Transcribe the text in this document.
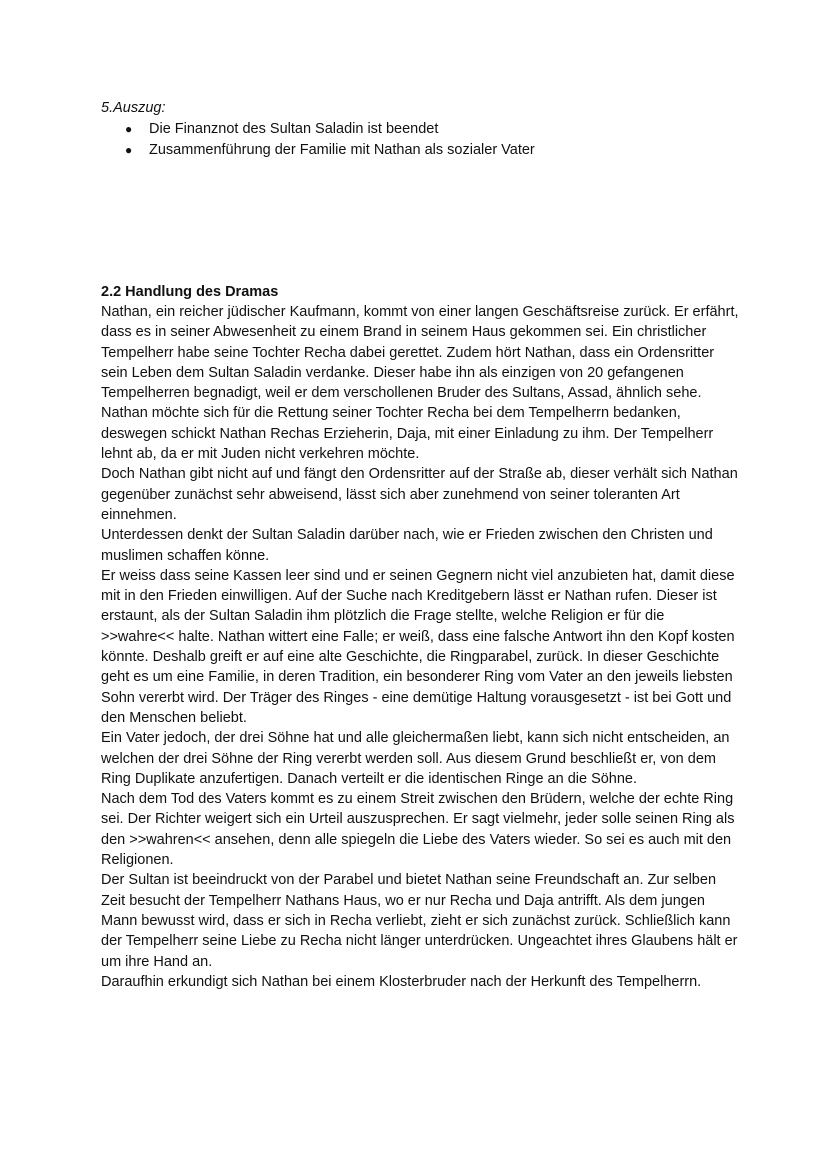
5.Auszug:

● Die Finanznot des Sultan Saladin ist beendet
● Zusammenführung der Familie mit Nathan als sozialer Vater

2.2 Handlung des Dramas

Nathan, ein reicher jüdischer Kaufmann, kommt von einer langen Geschäftsreise zurück. Er erfährt, dass es in seiner Abwesenheit zu einem Brand in seinem Haus gekommen sei. Ein christlicher Tempelherr habe seine Tochter Recha dabei gerettet. Zudem hört Nathan, dass ein Ordensritter sein Leben dem Sultan Saladin verdanke. Dieser habe ihn als einzigen von 20 gefangenen Tempelherren begnadigt, weil er dem verschollenen Bruder des Sultans, Assad, ähnlich sehe.

Nathan möchte sich für die Rettung seiner Tochter Recha bei dem Tempelherrn bedanken, deswegen schickt Nathan Rechas Erzieherin, Daja, mit einer Einladung zu ihm. Der Tempelherr lehnt ab, da er mit Juden nicht verkehren möchte.

Doch Nathan gibt nicht auf und fängt den Ordensritter auf der Straße ab, dieser verhält sich Nathan gegenüber zunächst sehr abweisend, lässt sich aber zunehmend von seiner toleranten Art einnehmen.

Unterdessen denkt der Sultan Saladin darüber nach, wie er Frieden zwischen den Christen und muslimen schaffen könne.

Er weiss dass seine Kassen leer sind und er seinen Gegnern nicht viel anzubieten hat, damit diese mit in den Frieden einwilligen. Auf der Suche nach Kreditgebern lässt er Nathan rufen. Dieser ist erstaunt, als der Sultan Saladin ihm plötzlich die Frage stellte, welche Religion er für die >>wahre<< halte. Nathan wittert eine Falle; er weiß, dass eine falsche Antwort ihn den Kopf kosten könnte. Deshalb greift er auf eine alte Geschichte, die Ringparabel, zurück. In dieser Geschichte geht es um eine Familie, in deren Tradition, ein besonderer Ring vom Vater an den jeweils liebsten Sohn vererbt wird. Der Träger des Ringes - eine demütige Haltung vorausgesetzt - ist bei Gott und den Menschen beliebt.

Ein Vater jedoch, der drei Söhne hat und alle gleichermaßen liebt, kann sich nicht entscheiden, an welchen der drei Söhne der Ring vererbt werden soll. Aus diesem Grund beschließt er, von dem Ring Duplikate anzufertigen. Danach verteilt er die identischen Ringe an die Söhne.

Nach dem Tod des Vaters kommt es zu einem Streit zwischen den Brüdern, welche der echte Ring sei. Der Richter weigert sich ein Urteil auszusprechen. Er sagt vielmehr, jeder solle seinen Ring als den >>wahren<< ansehen, denn alle spiegeln die Liebe des Vaters wieder. So sei es auch mit den Religionen.

Der Sultan ist beeindruckt von der Parabel und bietet Nathan seine Freundschaft an. Zur selben Zeit besucht der Tempelherr Nathans Haus, wo er nur Recha und Daja antrifft. Als dem jungen Mann bewusst wird, dass er sich in Recha verliebt, zieht er sich zunächst zurück. Schließlich kann der Tempelherr seine Liebe zu Recha nicht länger unterdrücken. Ungeachtet ihres Glaubens hält er um ihre Hand an.

Daraufhin erkundigt sich Nathan bei einem Klosterbruder nach der Herkunft des Tempelherrn.
